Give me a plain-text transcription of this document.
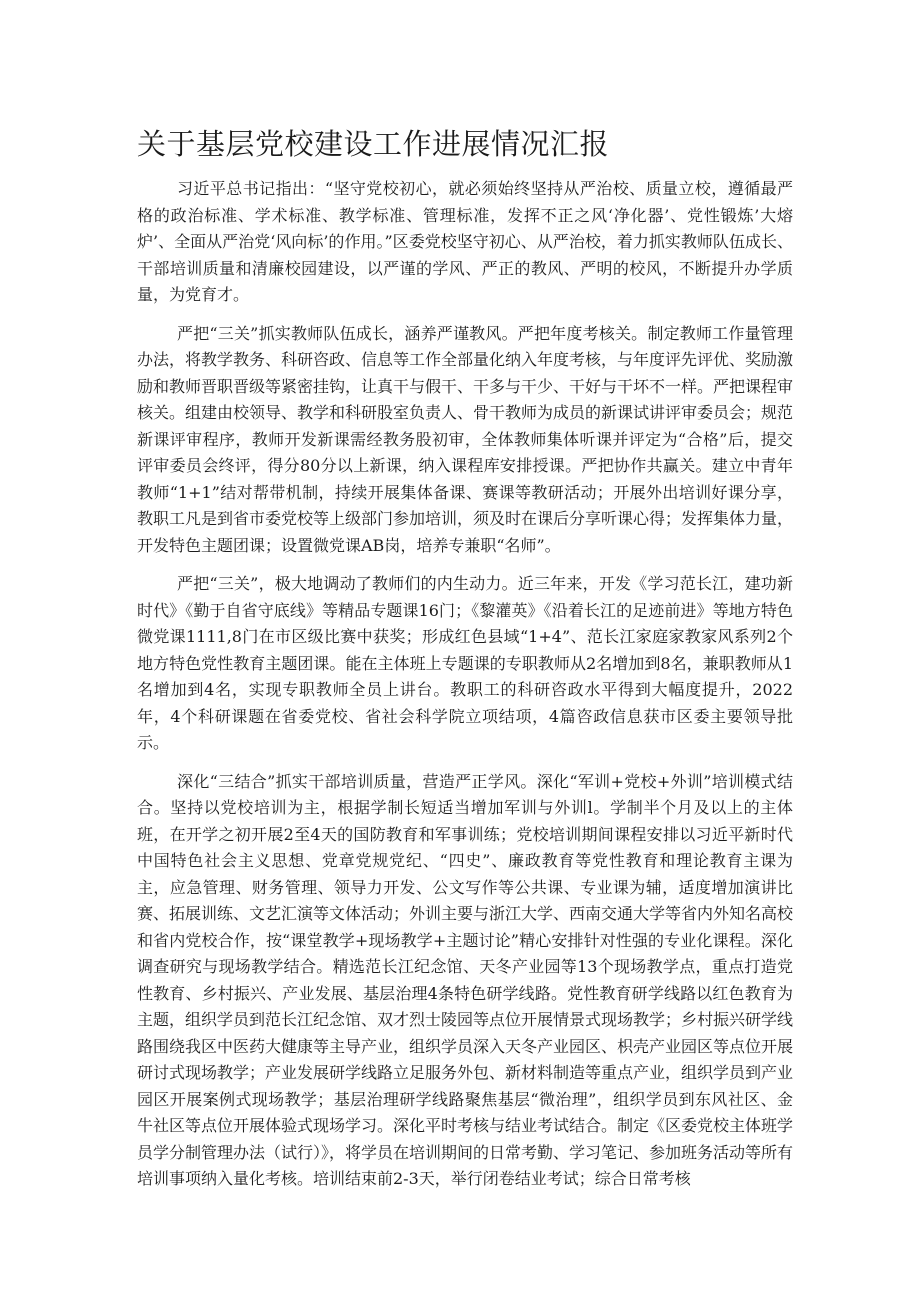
关于基层党校建设工作进展情况汇报

习近平总书记指出：“坚守党校初心，就必须始终坚持从严治校、质量立校，遵循最严格的政治标准、学术标准、教学标准、管理标准，发挥不正之风‘净化器’、党性锻炼’大熔炉’、全面从严治党‘风向标’的作用。”区委党校坚守初心、从严治校，着力抓实教师队伍成长、干部培训质量和清廉校园建设，以严谨的学风、严正的教风、严明的校风，不断提升办学质量，为党育才。

严把“三关”抓实教师队伍成长，涵养严谨教风。严把年度考核关。制定教师工作量管理办法，将教学教务、科研咨政、信息等工作全部量化纳入年度考核，与年度评先评优、奖励激励和教师晋职晋级等紧密挂钩，让真干与假干、干多与干少、干好与干坏不一样。严把课程审核关。组建由校领导、教学和科研股室负责人、骨干教师为成员的新课试讲评审委员会；规范新课评审程序，教师开发新课需经教务股初审，全体教师集体听课并评定为“合格”后，提交评审委员会终评，得分80分以上新课，纳入课程库安排授课。严把协作共赢关。建立中青年教师“1+1”结对帮带机制，持续开展集体备课、赛课等教研活动；开展外出培训好课分享，教职工凡是到省市委党校等上级部门参加培训，须及时在课后分享听课心得；发挥集体力量，开发特色主题团课；设置微党课AB岗，培养专兼职“名师”。

严把“三关”，极大地调动了教师们的内生动力。近三年来，开发《学习范长江，建功新时代》《勤于自省守底线》等精品专题课16门；《黎灌英》《沿着长江的足迹前进》等地方特色微党课1111,8门在市区级比赛中获奖；形成红色县域“1+4”、范长江家庭家教家风系列2个地方特色党性教育主题团课。能在主体班上专题课的专职教师从2名增加到8名，兼职教师从1名增加到4名，实现专职教师全员上讲台。教职工的科研咨政水平得到大幅度提升，2022年，4个科研课题在省委党校、省社会科学院立项结项，4篇咨政信息获市区委主要领导批示。

深化“三结合”抓实干部培训质量，营造严正学风。深化“军训+党校+外训”培训模式结合。坚持以党校培训为主，根据学制长短适当增加军训与外训l。学制半个月及以上的主体班，在开学之初开展2至4天的国防教育和军事训练；党校培训期间课程安排以习近平新时代中国特色社会主义思想、党章党规党纪、“四史”、廉政教育等党性教育和理论教育主课为主，应急管理、财务管理、领导力开发、公文写作等公共课、专业课为辅，适度增加演讲比赛、拓展训练、文艺汇演等文体活动；外训主要与浙江大学、西南交通大学等省内外知名高校和省内党校合作，按“课堂教学+现场教学+主题讨论”精心安排针对性强的专业化课程。深化调查研究与现场教学结合。精选范长江纪念馆、天冬产业园等13个现场教学点，重点打造党性教育、乡村振兴、产业发展、基层治理4条特色研学线路。党性教育研学线路以红色教育为主题，组织学员到范长江纪念馆、双才烈士陵园等点位开展情景式现场教学；乡村振兴研学线路围绕我区中医药大健康等主导产业，组织学员深入天冬产业园区、枳壳产业园区等点位开展研讨式现场教学；产业发展研学线路立足服务外包、新材料制造等重点产业，组织学员到产业园区开展案例式现场教学；基层治理研学线路聚焦基层“微治理”，组织学员到东风社区、金牛社区等点位开展体验式现场学习。深化平时考核与结业考试结合。制定《区委党校主体班学员学分制管理办法（试行）》，将学员在培训期间的日常考勤、学习笔记、参加班务活动等所有培训事项纳入量化考核。培训结束前2-3天，举行闭卷结业考试；综合日常考核
